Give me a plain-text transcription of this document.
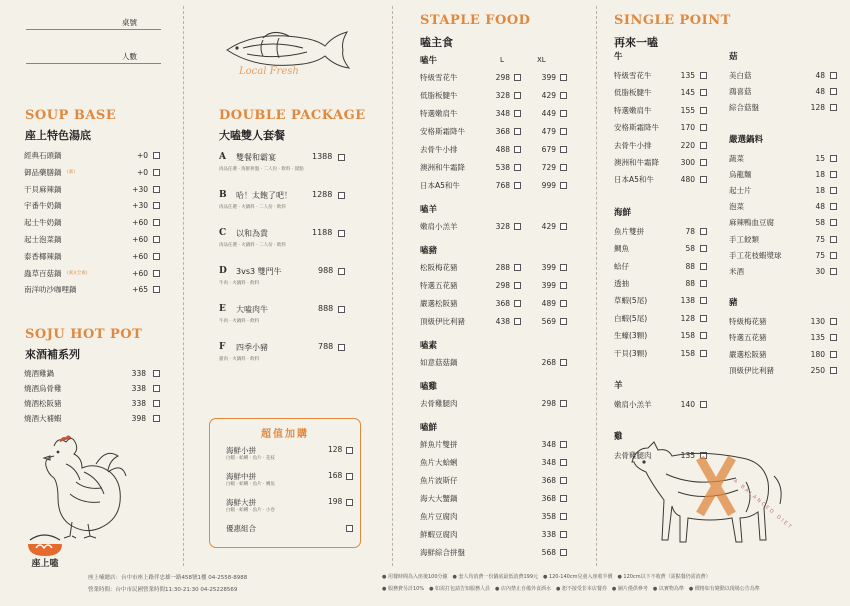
桌號
人數
SOUP BASE
座上特色湯底
經典石頭鍋	+0
御品藥膳鍋 (素)	+0
干貝麻辣鍋	+30
宇番牛奶鍋	+30
起士牛奶鍋	+60
起士泡菜鍋	+60
泰香椰辣鍋	+60
蟲草百菇鍋 (素)(全素)	+60
南洋叻沙咖哩鍋	+65
SOJU HOT POT
來酒補系列
燒酒雞鍋	338
燒酒烏骨雞	338
燒酒松阪豬	338
燒酒大補蝦	398
座上嗑
Local Fresh
DOUBLE PACKAGE
大嗑雙人套餐
A 雙餐和霸宴	1388
肉品任選 · 海鮮拼盤 · 二人份 · 飲料 · 甜點
B 哈！太飽了吧！	1288
肉品任選 · 火鍋料 · 二人份 · 飲料
C 以和為貴	1188
肉品任選 · 火鍋料 · 二人份 · 飲料
D 3vs3 雙門牛	988
牛肉 · 火鍋料 · 飲料
E 大嗑肉牛	888
牛肉 · 火鍋料 · 飲料
F 四季小豬	788
豬肉 · 火鍋料 · 飲料
超值加購
海鮮小拼	128
白蝦 · 蛤蜊 · 魚片 · 花枝
海鮮中拼	168
白蝦 · 蛤蜊 · 魚片 · 鯛魚
海鮮大拼	198
白蝦 · 蛤蜊 · 魚片 · 小卷
優惠組合
STAPLE FOOD
嗑主食
L	XL
嗑牛
特級雪花牛	298	399
低脂板腱牛	328	429
特選嫩肩牛	348	449
安格斯霜降牛	368	479
去骨牛小排	488	679
澳洲和牛霜降	538	729
日本A5和牛	768	999
嗑羊
嫩肩小羔羊	328	429
嗑豬
松阪梅花豬	288	399
特選五花豬	298	399
嚴選松阪豬	368	489
頂級伊比利豬	438	569
嗑素
如意菇菇鍋	268
嗑雞
去骨雞腿肉	298
嗑鮮
鮮魚片雙拼	348
魚片大蛤蜊	348
魚片波斯仔	368
海大大蟹鍋	368
魚片豆腐肉	358
鮮蝦豆腐肉	338
海鮮綜合拼盤	568
SINGLE POINT
再來一嗑
牛
特級雪花牛	135
低脂板腱牛	145
特選嫩肩牛	155
安格斯霜降牛	170
去骨牛小排	220
澳洲和牛霜降	300
日本A5和牛	480
海鮮
魚片雙拼	78
鯛魚	58
蛤仔	88
透抽	88
草蝦(5尾)	138
白蝦(5尾)	128
生蠔(3顆)	158
干貝(3顆)	158
羊
嫩肩小羔羊	140
雞
去骨雞腿肉	135
菇
美白菇	48
鴻喜菇	48
綜合菇盤	128
嚴選鍋料
蔬菜	15
烏龍麵	18
起士片	18
泡菜	48
麻辣鴨血豆腐	58
手工餃類	75
手工花枝蝦漿球	75
米酒	30
豬
特級梅花豬	130
特選五花豬	135
嚴選松阪豬	180
頂級伊比利豬	250
A BALANCED DIET
座上嗑總店：台中市座上路伴忠雄一路458號1樓 04-2558-8988
營業時間：台中市民國營業時間11:30-21:30 04-25228569
● 用餐時間為入座後100分鐘　● 套人均消費一份鍋底最低消費199元　● 120-140cm兒童入座收半價　● 120cm以下不收費（需點餐仍需消費）
● 服務費另計10%　● 如需打包請告知服務人員　● 店內禁止自備外食酒水　● 恕不接受非本店餐券　● 圖片僅供參考　● 以實物為準　● 價格如有變動以現場公告為準
